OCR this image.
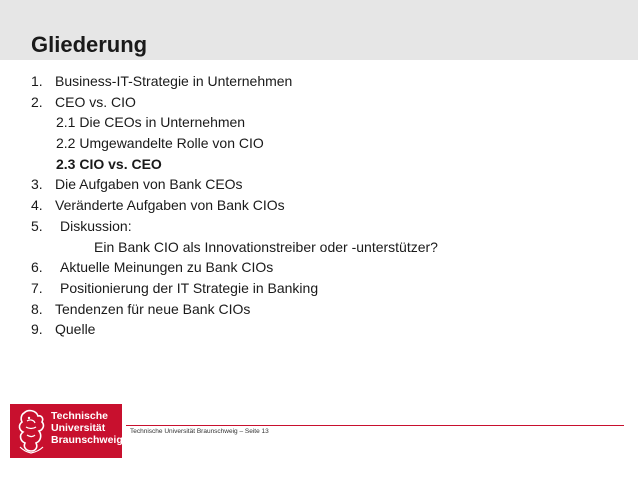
Gliederung
1. Business-IT-Strategie in Unternehmen
2. CEO vs. CIO
2.1 Die CEOs in Unternehmen
2.2 Umgewandelte Rolle von CIO
2.3 CIO vs. CEO
3. Die Aufgaben von Bank CEOs
4. Veränderte Aufgaben von Bank CIOs
5. Diskussion:
Ein Bank CIO als Innovationstreiber oder -unterstützer?
6. Aktuelle Meinungen zu Bank CIOs
7. Positionierung der IT Strategie in Banking
8. Tendenzen für neue Bank CIOs
9. Quelle
Technische
Universität
Braunschweig
Technische Universität Braunschweig – Seite 13
